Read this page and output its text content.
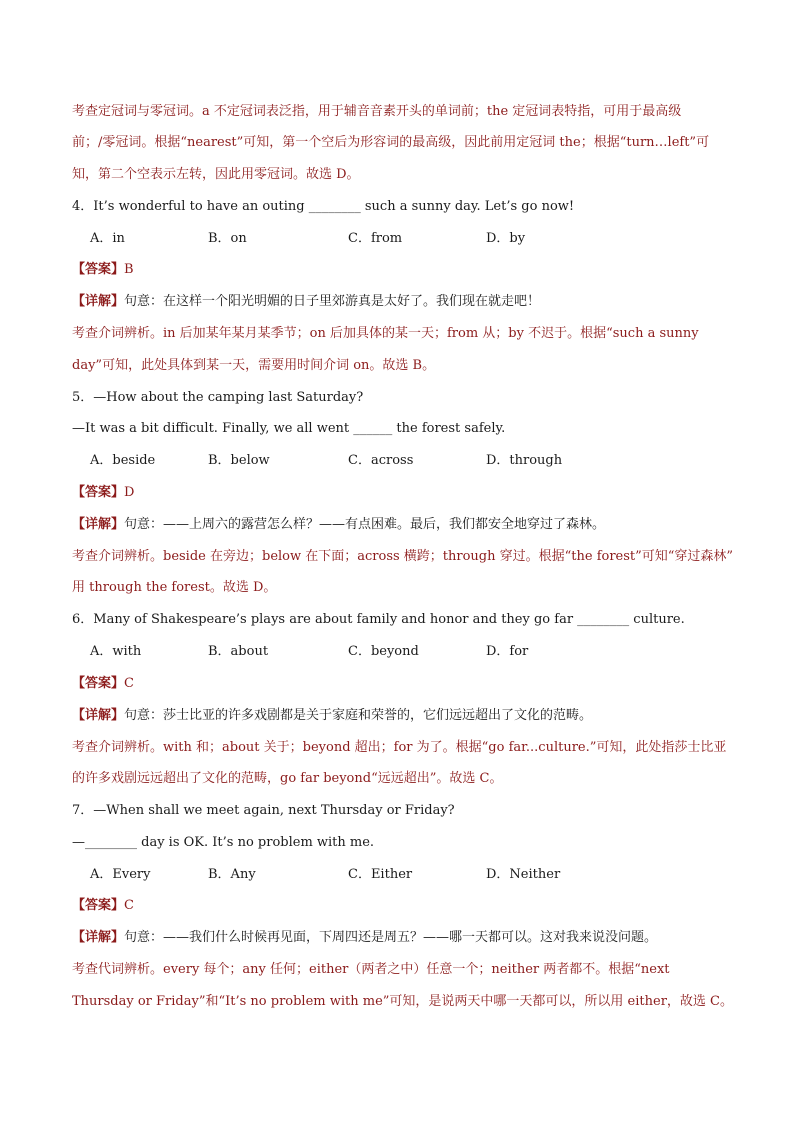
考查定冠词与零冠词。a 不定冠词表泛指，用于辅音音素开头的单词前；the 定冠词表特指，可用于最高级
前；/零冠词。根据“nearest”可知，第一个空后为形容词的最高级，因此前用定冠词 the；根据“turn…left”可
知，第二个空表示左转，因此用零冠词。故选 D。
4．It’s wonderful to have an outing ________ such a sunny day. Let’s go now!
A．in	B．on	C．from	D．by
【答案】B
【详解】句意：在这样一个阳光明媚的日子里郊游真是太好了。我们现在就走吧！
考查介词辨析。in 后加某年某月某季节；on 后加具体的某一天；from 从；by 不迟于。根据“such a sunny
day”可知，此处具体到某一天，需要用时间介词 on。故选 B。
5．—How about the camping last Saturday?
—It was a bit difficult. Finally, we all went ______ the forest safely.
A．beside	B．below	C．across	D．through
【答案】D
【详解】句意：——上周六的露营怎么样？——有点困难。最后，我们都安全地穿过了森林。
考查介词辨析。beside 在旁边；below 在下面；across 横跨；through 穿过。根据“the forest”可知“穿过森林”
用 through the forest。故选 D。
6．Many of Shakespeare’s plays are about family and honor and they go far ________ culture.
A．with	B．about	C．beyond	D．for
【答案】C
【详解】句意：莎士比亚的许多戏剧都是关于家庭和荣誉的，它们远远超出了文化的范畴。
考查介词辨析。with 和；about 关于；beyond 超出；for 为了。根据“go far...culture.”可知，此处指莎士比亚
的许多戏剧远远超出了文化的范畴，go far beyond“远远超出”。故选 C。
7．—When shall we meet again, next Thursday or Friday?
—________ day is OK. It’s no problem with me.
A．Every	B．Any	C．Either	D．Neither
【答案】C
【详解】句意：——我们什么时候再见面，下周四还是周五？——哪一天都可以。这对我来说没问题。
考查代词辨析。every 每个；any 任何；either（两者之中）任意一个；neither 两者都不。根据“next
Thursday or Friday”和“It’s no problem with me”可知，是说两天中哪一天都可以，所以用 either，故选 C。
